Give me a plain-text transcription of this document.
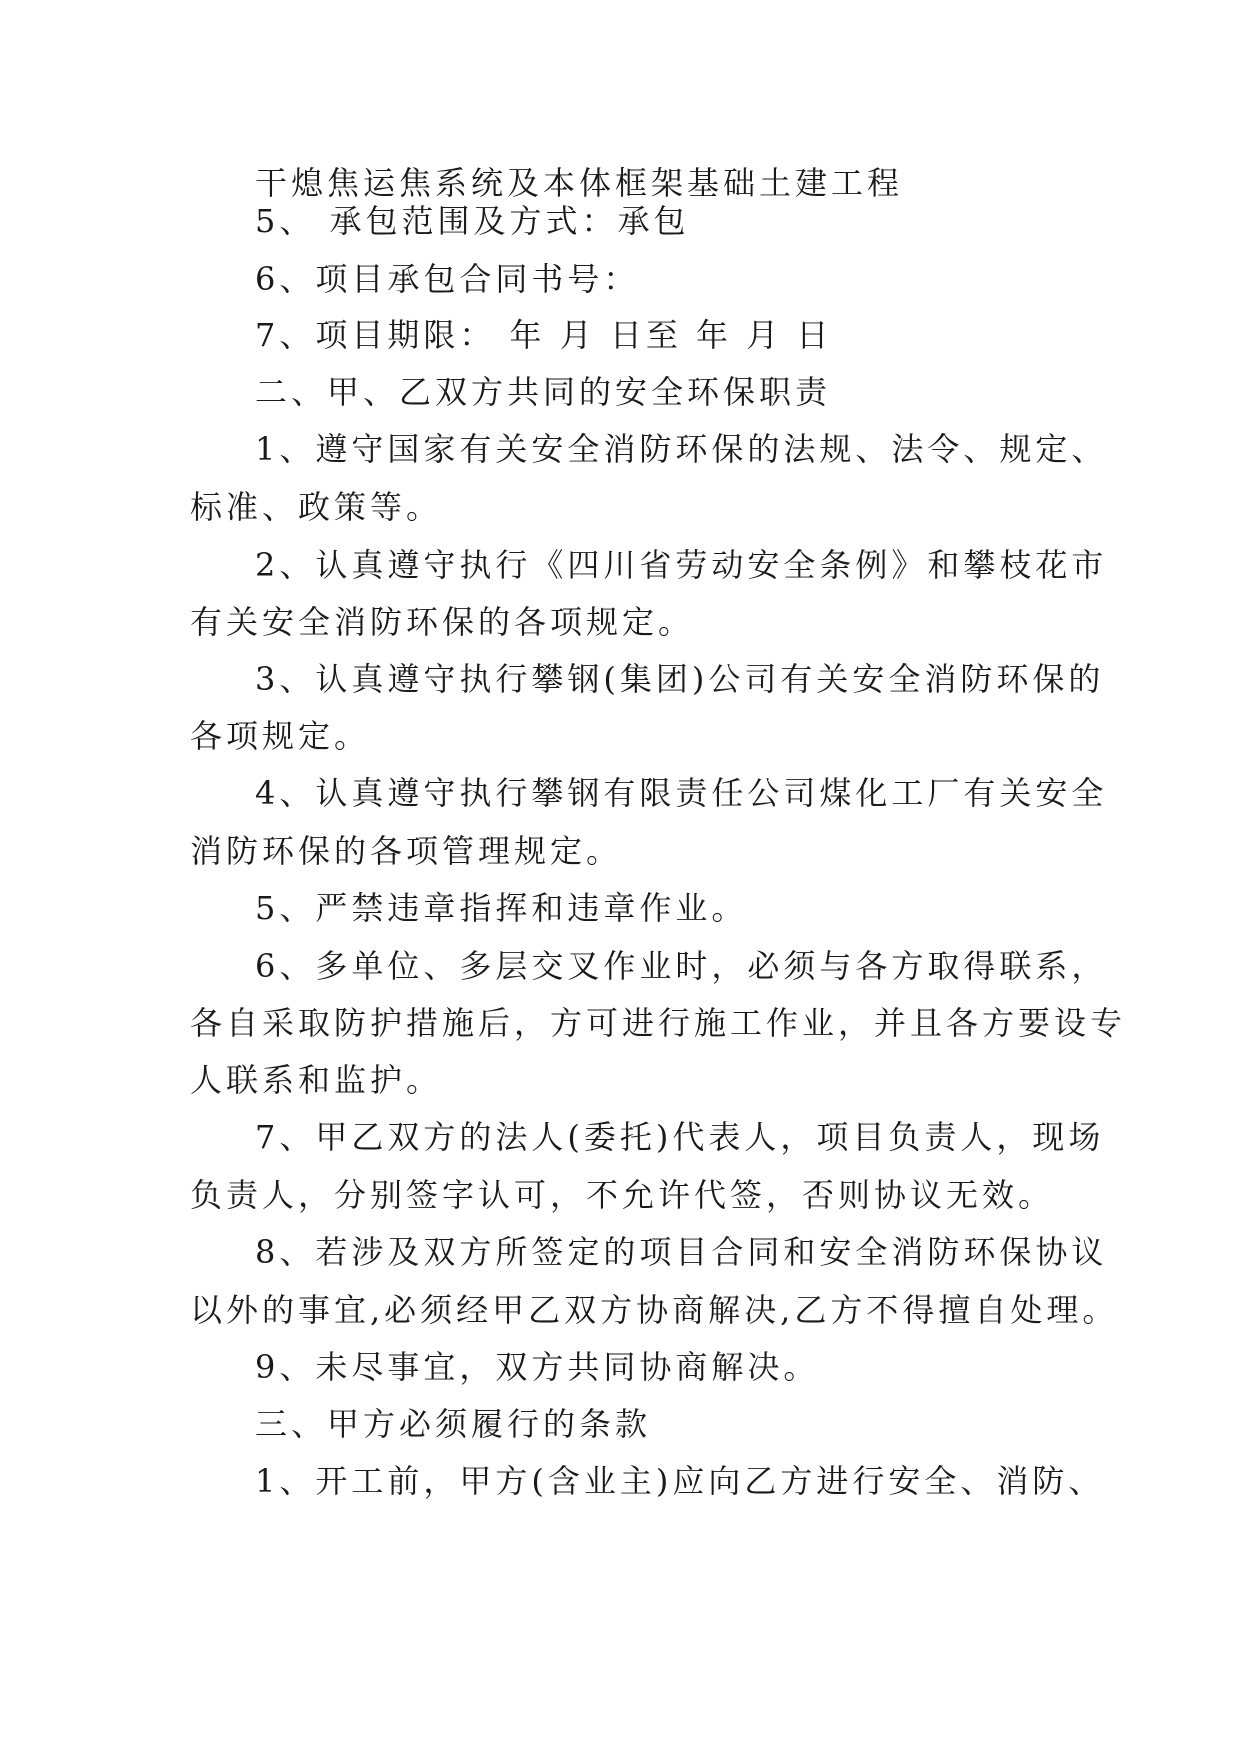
干熄焦运焦系统及本体框架基础土建工程
5、 承包范围及方式：承包
6、项目承包合同书号：
7、项目期限： 年 月 日至 年 月 日
二、甲、乙双方共同的安全环保职责
1、遵守国家有关安全消防环保的法规、法令、规定、
标准、政策等。
2、认真遵守执行《四川省劳动安全条例》和攀枝花市
有关安全消防环保的各项规定。
3、认真遵守执行攀钢(集团)公司有关安全消防环保的
各项规定。
4、认真遵守执行攀钢有限责任公司煤化工厂有关安全
消防环保的各项管理规定。
5、严禁违章指挥和违章作业。
6、多单位、多层交叉作业时，必须与各方取得联系，
各自采取防护措施后，方可进行施工作业，并且各方要设专
人联系和监护。
7、甲乙双方的法人(委托)代表人，项目负责人，现场
负责人，分别签字认可，不允许代签，否则协议无效。
8、若涉及双方所签定的项目合同和安全消防环保协议
以外的事宜,必须经甲乙双方协商解决,乙方不得擅自处理。
9、未尽事宜，双方共同协商解决。
三、甲方必须履行的条款
1、开工前，甲方(含业主)应向乙方进行安全、消防、
